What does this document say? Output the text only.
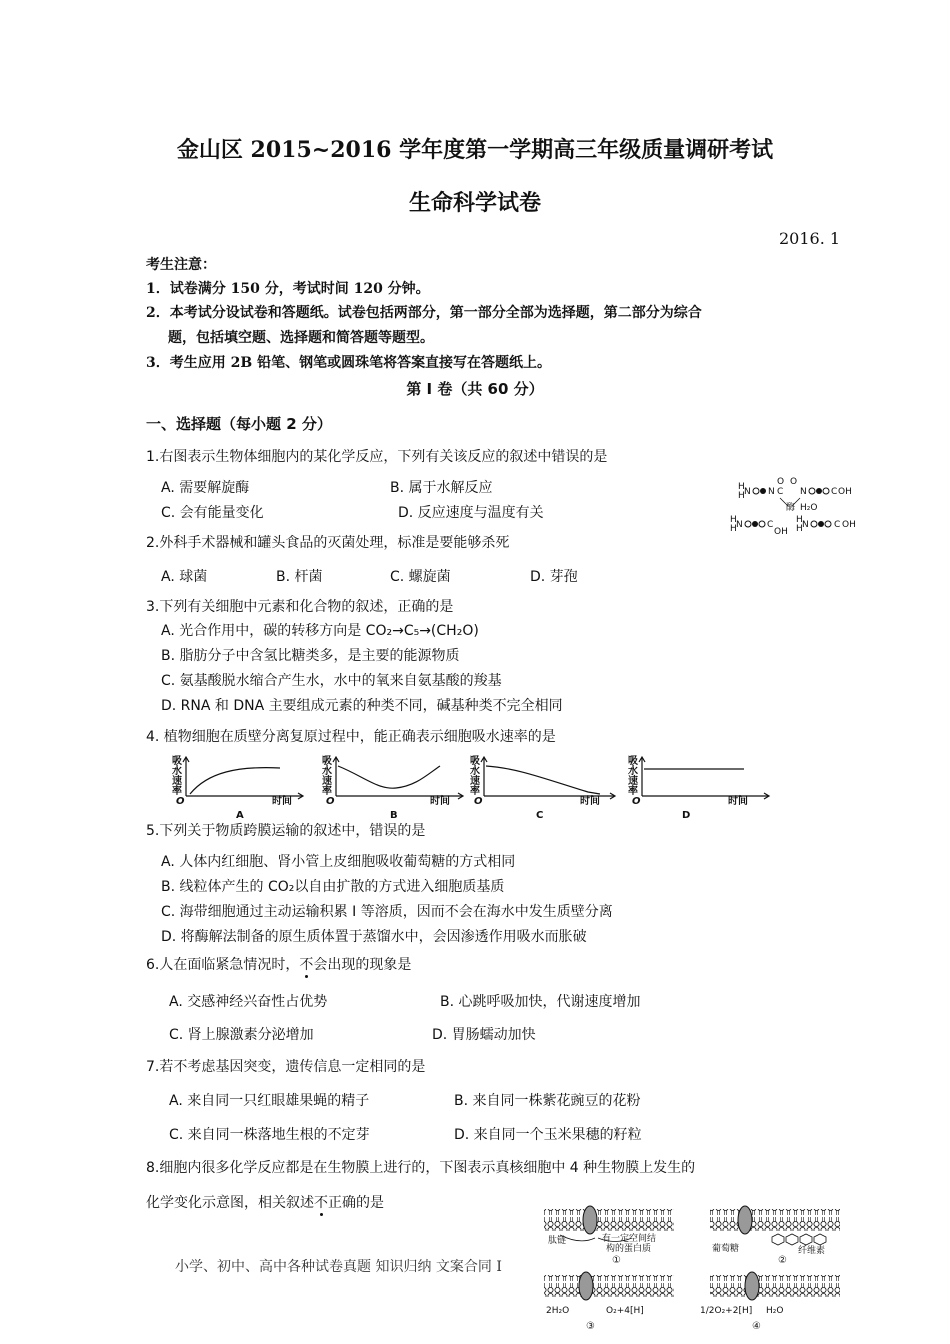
金山区 2015~2016 学年度第一学期高三年级质量调研考试
生命科学试卷
2016. 1
考生注意：
1．试卷满分 150 分，考试时间 120 分钟。
2．本考试分设试卷和答题纸。试卷包括两部分，第一部分全部为选择题，第二部分为综合
题，包括填空题、选择题和简答题等题型。
3．考生应用 2B 铅笔、钢笔或圆珠笔将答案直接写在答题纸上。
第 I 卷（共 60 分）
一、选择题（每小题 2 分）
1.右图表示生物体细胞内的某化学反应，下列有关该反应的叙述中错误的是
A. 需要解旋酶	B. 属于水解反应
C. 会有能量变化	D. 反应速度与温度有关
H
H N N C
O
N
O
C OH
酶 H₂O
H
H N	C
OH
H
H N	C OH
2.外科手术器械和罐头食品的灭菌处理，标准是要能够杀死
A. 球菌	B. 杆菌	C. 螺旋菌	D. 芽孢
3.下列有关细胞中元素和化合物的叙述，正确的是
A. 光合作用中，碳的转移方向是 CO₂→C₅→(CH₂O)
B. 脂肪分子中含氢比糖类多，是主要的能源物质
C. 氨基酸脱水缩合产生水，水中的氧来自氨基酸的羧基
D. RNA 和 DNA 主要组成元素的种类不同，碱基种类不完全相同
4. 植物细胞在质壁分离复原过程中，能正确表示细胞吸水速率的是
吸
水
速
率
O	时间
A
吸
水
速
率
O	时间
B
吸
水
速
率
O	时间
C
吸
水
速
率
O	时间
D
5.下列关于物质跨膜运输的叙述中，错误的是
A. 人体内红细胞、肾小管上皮细胞吸收葡萄糖的方式相同
B. 线粒体产生的 CO₂以自由扩散的方式进入细胞质基质
C. 海带细胞通过主动运输积累 I 等溶质，因而不会在海水中发生质壁分离
D. 将酶解法制备的原生质体置于蒸馏水中，会因渗透作用吸水而胀破
6.人在面临紧急情况时，不会出现的现象是
A. 交感神经兴奋性占优势	B. 心跳呼吸加快，代谢速度增加
C. 肾上腺激素分泌增加	D. 胃肠蠕动加快
7.若不考虑基因突变，遗传信息一定相同的是
A. 来自同一只红眼雄果蝇的精子	B. 来自同一株紫花豌豆的花粉
C. 来自同一株落地生根的不定芽	D. 来自同一个玉米果穗的籽粒
8.细胞内很多化学反应都是在生物膜上进行的，下图表示真核细胞中 4 种生物膜上发生的
化学变化示意图，相关叙述不正确的是
肽链	有一定空间结
构的蛋白质
①
葡萄糖	纤维素
②
2H₂O	O₂+4[H]
③
1/2O₂+2[H] H₂O
④
小学、初中、高中各种试卷真题 知识归纳 文案合同 I
